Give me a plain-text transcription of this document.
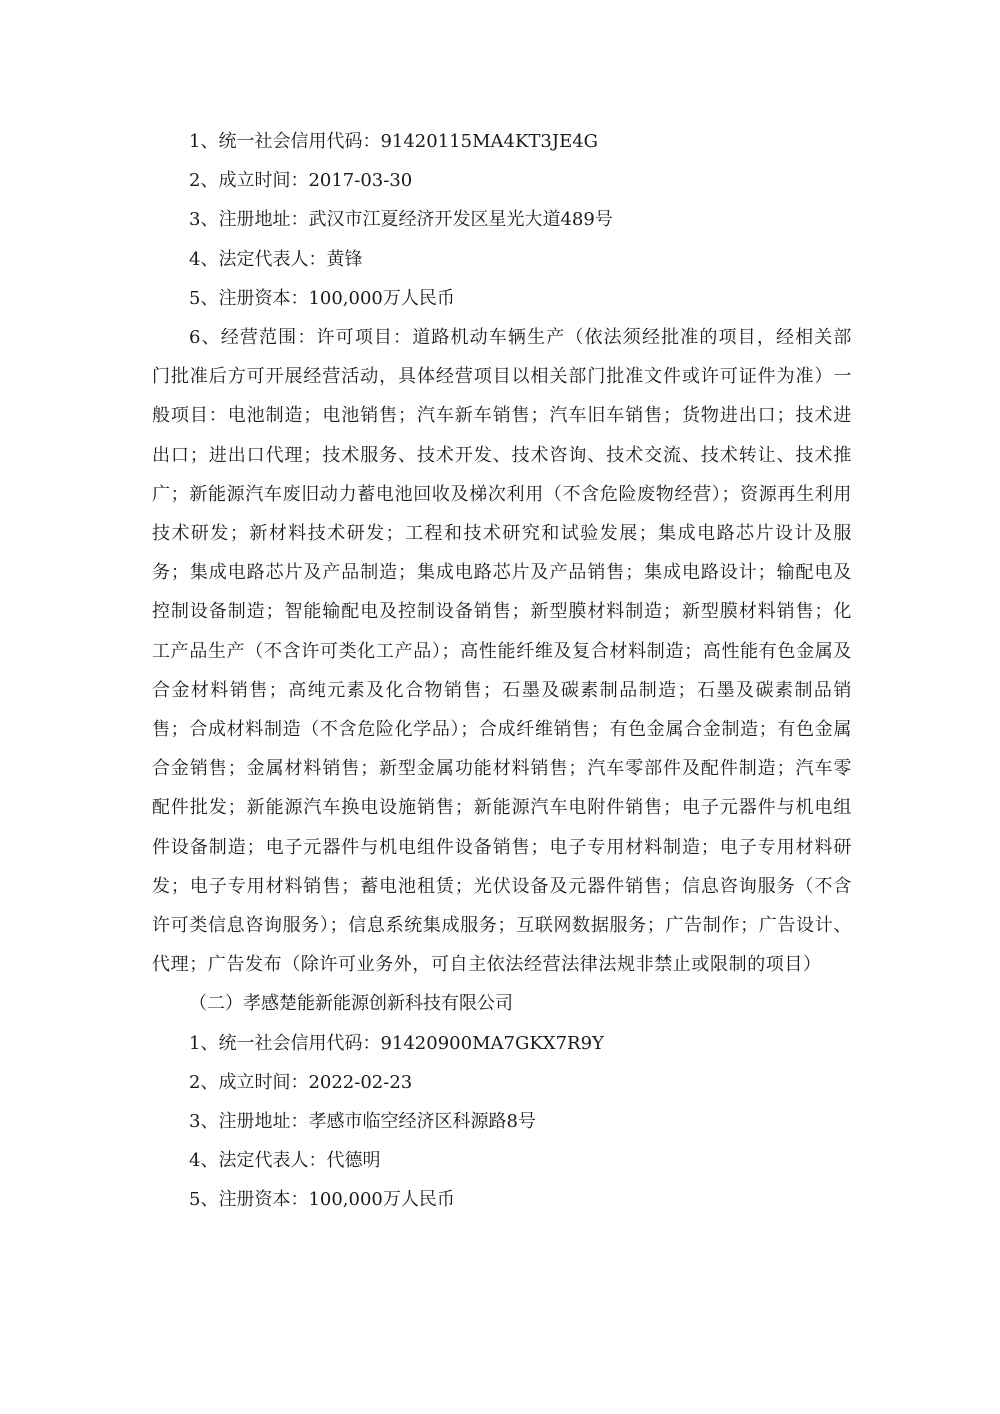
1、统一社会信用代码：91420115MA4KT3JE4G

2、成立时间：2017-03-30

3、注册地址：武汉市江夏经济开发区星光大道489号

4、法定代表人：黄锋

5、注册资本：100,000万人民币

6、经营范围：许可项目：道路机动车辆生产（依法须经批准的项目，经相关部门批准后方可开展经营活动，具体经营项目以相关部门批准文件或许可证件为准）一般项目：电池制造；电池销售；汽车新车销售；汽车旧车销售；货物进出口；技术进出口；进出口代理；技术服务、技术开发、技术咨询、技术交流、技术转让、技术推广；新能源汽车废旧动力蓄电池回收及梯次利用（不含危险废物经营）；资源再生利用技术研发；新材料技术研发；工程和技术研究和试验发展；集成电路芯片设计及服务；集成电路芯片及产品制造；集成电路芯片及产品销售；集成电路设计；输配电及控制设备制造；智能输配电及控制设备销售；新型膜材料制造；新型膜材料销售；化工产品生产（不含许可类化工产品）；高性能纤维及复合材料制造；高性能有色金属及合金材料销售；高纯元素及化合物销售；石墨及碳素制品制造；石墨及碳素制品销售；合成材料制造（不含危险化学品）；合成纤维销售；有色金属合金制造；有色金属合金销售；金属材料销售；新型金属功能材料销售；汽车零部件及配件制造；汽车零配件批发；新能源汽车换电设施销售；新能源汽车电附件销售；电子元器件与机电组件设备制造；电子元器件与机电组件设备销售；电子专用材料制造；电子专用材料研发；电子专用材料销售；蓄电池租赁；光伏设备及元器件销售；信息咨询服务（不含许可类信息咨询服务）；信息系统集成服务；互联网数据服务；广告制作；广告设计、代理；广告发布（除许可业务外，可自主依法经营法律法规非禁止或限制的项目）

（二）孝感楚能新能源创新科技有限公司

1、统一社会信用代码：91420900MA7GKX7R9Y

2、成立时间：2022-02-23

3、注册地址：孝感市临空经济区科源路8号

4、法定代表人：代德明

5、注册资本：100,000万人民币
